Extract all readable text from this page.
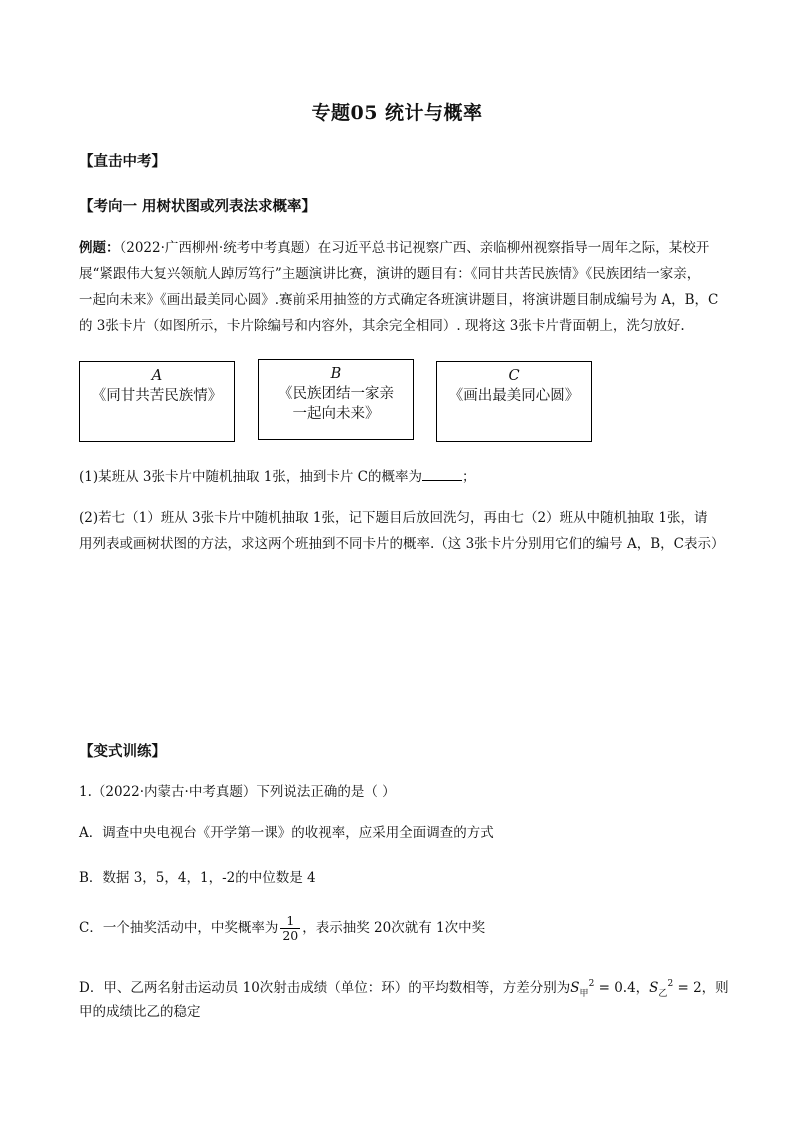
专题05 统计与概率
【直击中考】
【考向一 用树状图或列表法求概率】
例题：（2022·广西柳州·统考中考真题）在习近平总书记视察广西、亲临柳州视察指导一周年之际，某校开
展“紧跟伟大复兴领航人踔厉笃行”主题演讲比赛，演讲的题目有：《同甘共苦民族情》《民族团结一家亲，
一起向未来》《画出最美同心圆》.赛前采用抽签的方式确定各班演讲题目，将演讲题目制成编号为 A，B，C
的 3张卡片（如图所示，卡片除编号和内容外，其余完全相同）. 现将这 3张卡片背面朝上，洗匀放好.
A
《同甘共苦民族情》
B
《民族团结一家亲
一起向未来》
C
《画出最美同心圆》
(1)某班从 3张卡片中随机抽取 1张，抽到卡片 C的概率为	；
(2)若七（1）班从 3张卡片中随机抽取 1张，记下题目后放回洗匀，再由七（2）班从中随机抽取 1张，请
用列表或画树状图的方法，求这两个班抽到不同卡片的概率.（这 3张卡片分别用它们的编号 A，B，C表示）
【变式训练】
1.（2022·内蒙古·中考真题）下列说法正确的是（ ）
A．调查中央电视台《开学第一课》的收视率，应采用全面调查的方式
B．数据 3，5，4，1，-2的中位数是 4
C．一个抽奖活动中，中奖概率为 $\frac{1}{20}$ ，表示抽奖 20次就有 1次中奖
D．甲、乙两名射击运动员 10次射击成绩（单位：环）的平均数相等，方差分别为$S_甲^2 = 0.4$，$S_乙^2 = 2$，则
甲的成绩比乙的稳定
